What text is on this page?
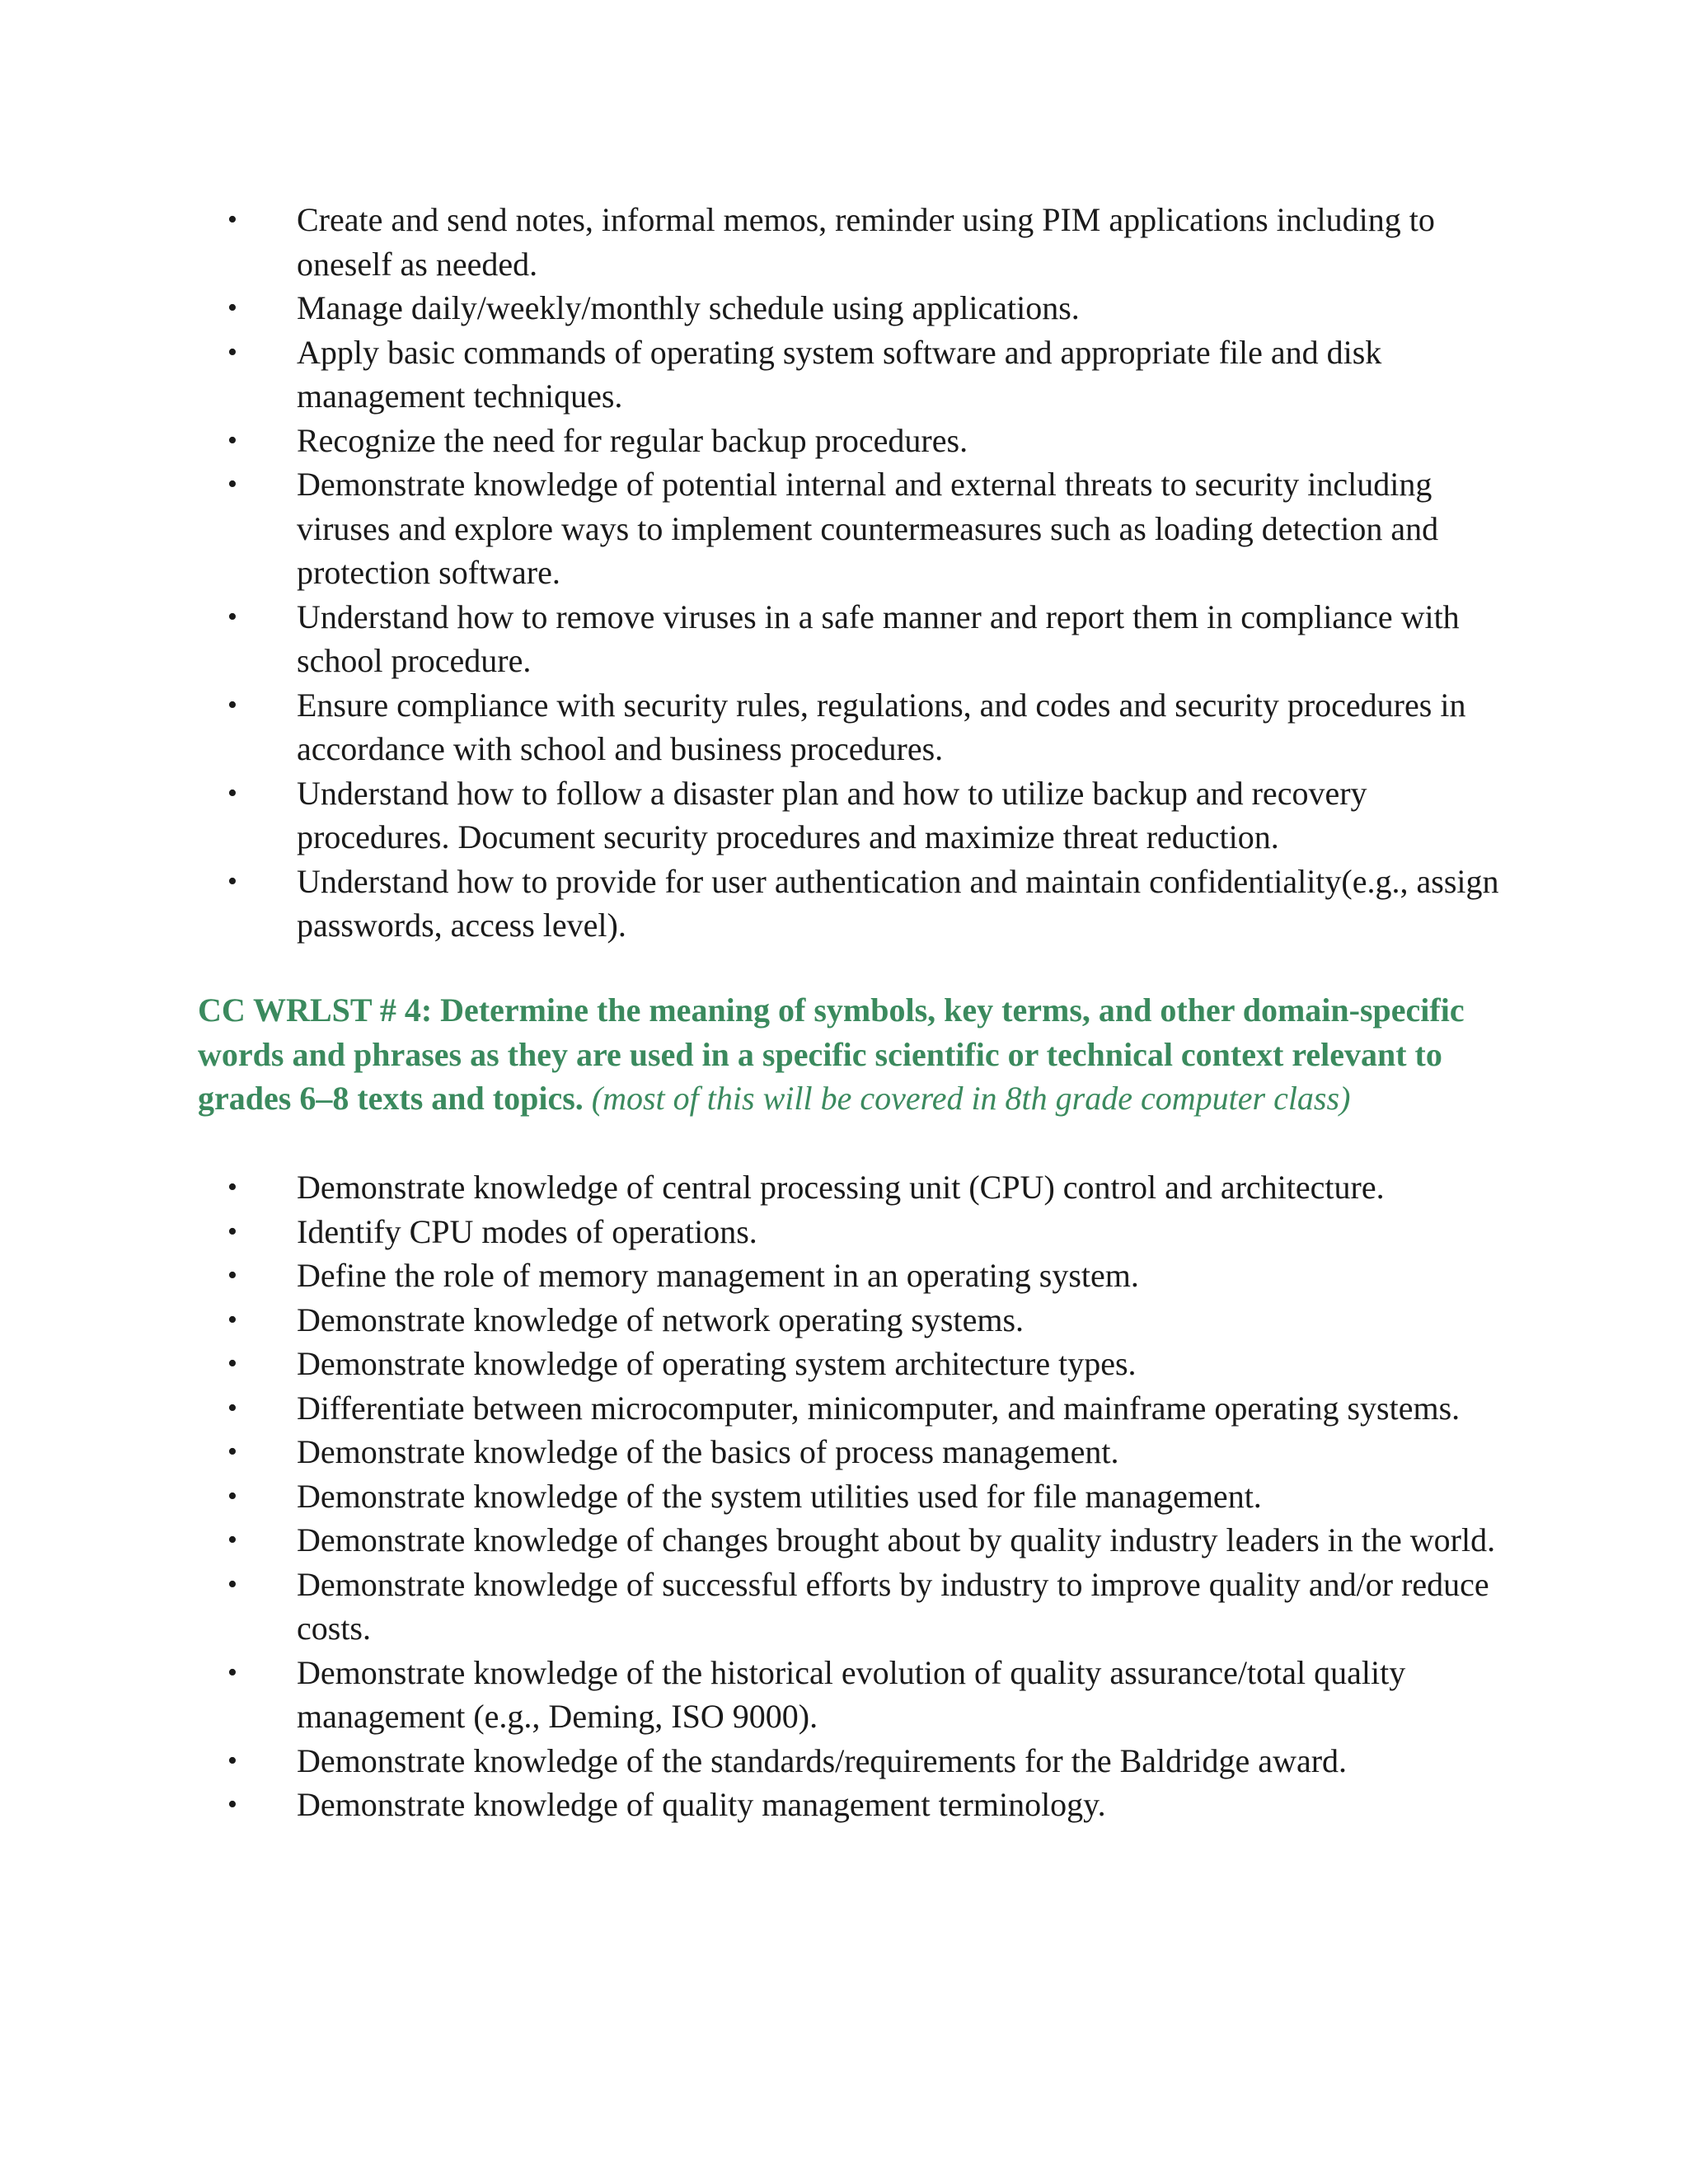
• Create and send notes, informal memos, reminder using PIM applications including to oneself as needed.
• Manage daily/weekly/monthly schedule using applications.
• Apply basic commands of operating system software and appropriate file and disk management techniques.
• Recognize the need for regular backup procedures.
• Demonstrate knowledge of potential internal and external threats to security including viruses and explore ways to implement countermeasures such as loading detection and protection software.
• Understand how to remove viruses in a safe manner and report them in compliance with school procedure.
• Ensure compliance with security rules, regulations, and codes and security procedures in accordance with school and business procedures.
• Understand how to follow a disaster plan and how to utilize backup and recovery procedures. Document security procedures and maximize threat reduction.
• Understand how to provide for user authentication and maintain confidentiality(e.g., assign passwords, access level).

CC WRLST # 4: Determine the meaning of symbols, key terms, and other domain-specific words and phrases as they are used in a specific scientific or technical context relevant to grades 6–8 texts and topics. (most of this will be covered in 8th grade computer class)

• Demonstrate knowledge of central processing unit (CPU) control and architecture.
• Identify CPU modes of operations.
• Define the role of memory management in an operating system.
• Demonstrate knowledge of network operating systems.
• Demonstrate knowledge of operating system architecture types.
• Differentiate between microcomputer, minicomputer, and mainframe operating systems.
• Demonstrate knowledge of the basics of process management.
• Demonstrate knowledge of the system utilities used for file management.
• Demonstrate knowledge of changes brought about by quality industry leaders in the world.
• Demonstrate knowledge of successful efforts by industry to improve quality and/or reduce costs.
• Demonstrate knowledge of the historical evolution of quality assurance/total quality management (e.g., Deming, ISO 9000).
• Demonstrate knowledge of the standards/requirements for the Baldridge award.
• Demonstrate knowledge of quality management terminology.
